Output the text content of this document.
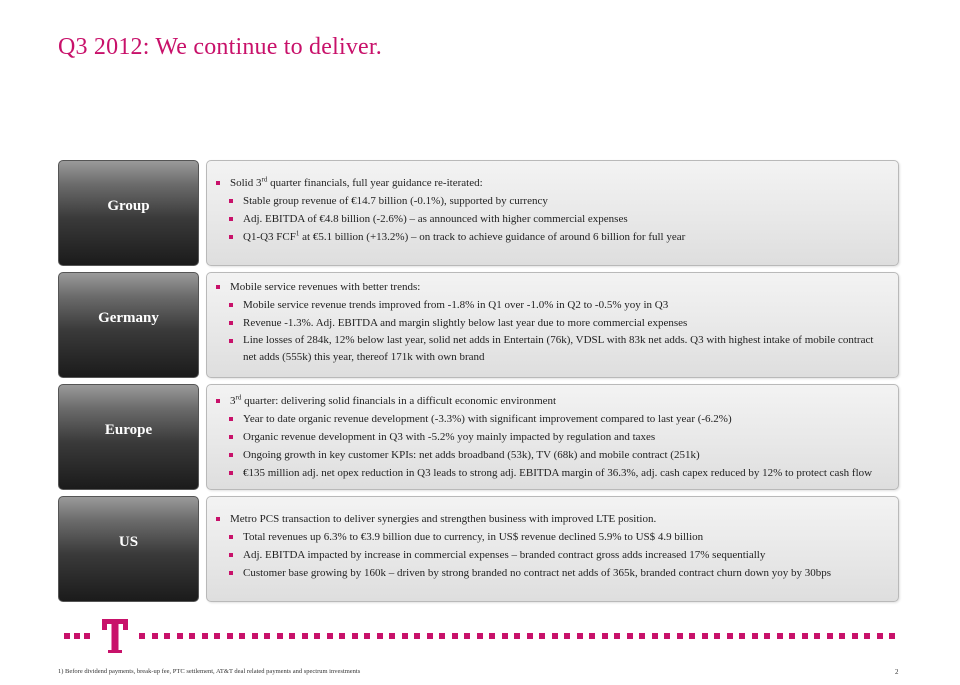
Q3 2012: We continue to deliver.
Group
Solid 3rd quarter financials, full year guidance re-iterated:
Stable group revenue of €14.7 billion (-0.1%), supported by currency
Adj. EBITDA of €4.8 billion (-2.6%) – as announced with higher commercial expenses
Q1-Q3 FCF$^1$ at €5.1 billion (+13.2%) – on track to achieve guidance of around 6 billion for full year
Germany
Mobile service revenues with better trends:
Mobile service revenue trends improved from -1.8% in Q1 over -1.0% in Q2 to -0.5% yoy in Q3
Revenue -1.3%. Adj. EBITDA and margin slightly below last year due to more commercial expenses
Line losses of 284k, 12% below last year, solid net adds in Entertain (76k), VDSL with 83k net adds. Q3 with highest intake of mobile contract net adds (555k) this year, thereof 171k with own brand
Europe
3rd quarter: delivering solid financials in a difficult economic environment
Year to date organic revenue development (-3.3%) with significant improvement compared to last year (-6.2%)
Organic revenue development in Q3 with -5.2% yoy mainly impacted by regulation and taxes
Ongoing growth in key customer KPIs: net adds broadband (53k), TV (68k) and mobile contract (251k)
€135 million adj. net opex reduction in Q3 leads to strong adj. EBITDA margin of 36.3%, adj. cash capex reduced by 12% to protect cash flow
US
Metro PCS transaction to deliver synergies and strengthen business with improved LTE position.
Total revenues up 6.3% to €3.9 billion due to currency, in US$ revenue declined 5.9% to US$ 4.9 billion
Adj. EBITDA impacted by increase in commercial expenses – branded contract gross adds increased 17% sequentially
Customer base growing by 160k – driven by strong branded no contract net adds of 365k, branded contract churn down yoy by 30bps
1) Before dividend payments, break-up fee, PTC settlement, AT&T deal related payments and spectrum investments	2
